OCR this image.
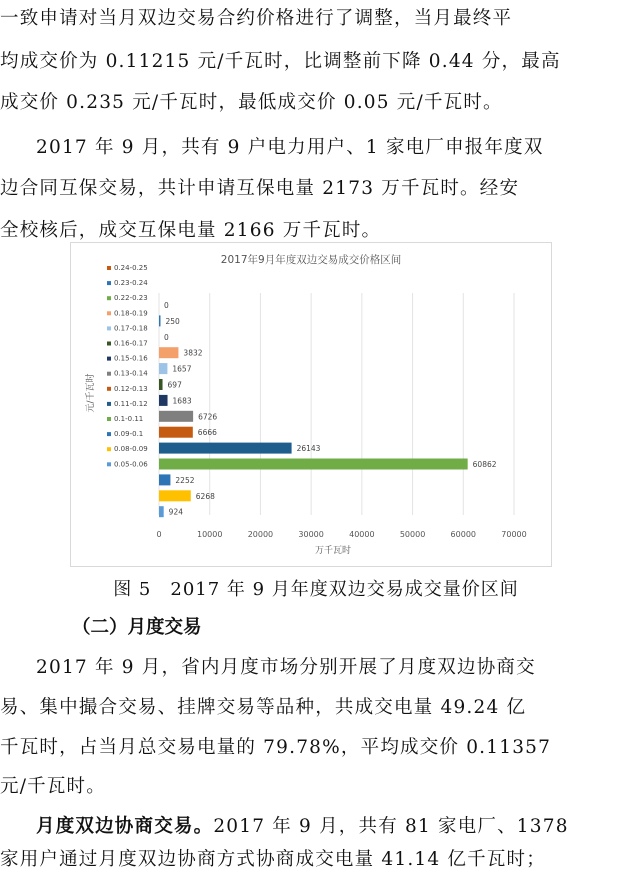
一致申请对当月双边交易合约价格进行了调整，当月最终平

均成交价为 0.11215 元/千瓦时，比调整前下降 0.44 分，最高

成交价 0.235 元/千瓦时，最低成交价 0.05 元/千瓦时。

2017 年 9 月，共有 9 户电力用户、1 家电厂申报年度双

边合同互保交易，共计申请互保电量 2173 万千瓦时。经安

全校核后，成交互保电量 2166 万千瓦时。

2017年9月年度双边交易成交价格区间
0	10000	20000	30000	40000	50000	60000	70000
万千瓦时
元/千瓦时
0.24-0.25
0.23-0.24
0.22-0.23
0.18-0.19
0.17-0.18
0.16-0.17
0.15-0.16
0.13-0.14
0.12-0.13
0.11-0.12
0.1-0.11
0.09-0.1
0.08-0.09
0.05-0.06
0
250
0
3832
1657
697
1683
6726
6666
26143
60862
2252
6268
924
图 5　2017 年 9 月年度双边交易成交量价区间
（二）月度交易

2017 年 9 月，省内月度市场分别开展了月度双边协商交

易、集中撮合交易、挂牌交易等品种，共成交电量 49.24 亿

千瓦时，占当月总交易电量的 79.78%，平均成交价 0.11357

元/千瓦时。

月度双边协商交易。2017 年 9 月，共有 81 家电厂、1378

家用户通过月度双边协商方式协商成交电量 41.14 亿千瓦时；
